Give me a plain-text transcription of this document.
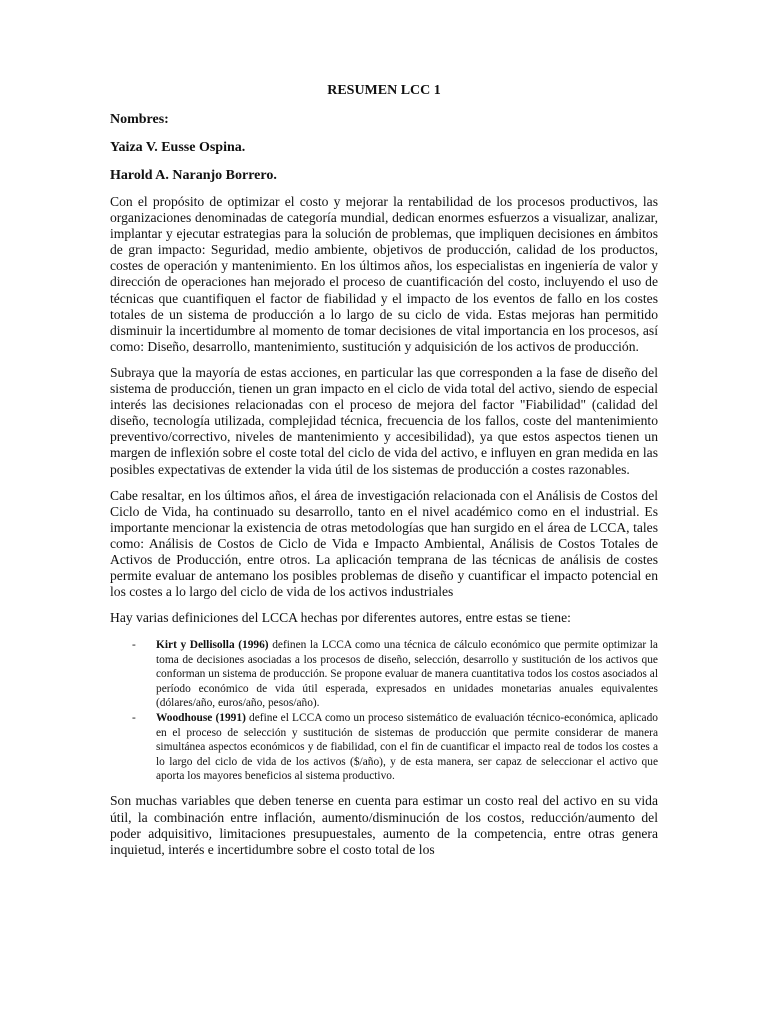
RESUMEN LCC 1
Nombres:
Yaiza V. Eusse Ospina.
Harold A. Naranjo Borrero.

Con el propósito de optimizar el costo y mejorar la rentabilidad de los procesos productivos, las organizaciones denominadas de categoría mundial, dedican enormes esfuerzos a visualizar, analizar, implantar y ejecutar estrategias para la solución de problemas, que impliquen decisiones en ámbitos de gran impacto: Seguridad, medio ambiente, objetivos de producción, calidad de los productos, costes de operación y mantenimiento. En los últimos años, los especialistas en ingeniería de valor y dirección de operaciones han mejorado el proceso de cuantificación del costo, incluyendo el uso de técnicas que cuantifiquen el factor de fiabilidad y el impacto de los eventos de fallo en los costes totales de un sistema de producción a lo largo de su ciclo de vida. Estas mejoras han permitido disminuir la incertidumbre al momento de tomar decisiones de vital importancia en los procesos, así como: Diseño, desarrollo, mantenimiento, sustitución y adquisición de los activos de producción.

Subraya que la mayoría de estas acciones, en particular las que corresponden a la fase de diseño del sistema de producción, tienen un gran impacto en el ciclo de vida total del activo, siendo de especial interés las decisiones relacionadas con el proceso de mejora del factor "Fiabilidad" (calidad del diseño, tecnología utilizada, complejidad técnica, frecuencia de los fallos, coste del mantenimiento preventivo/correctivo, niveles de mantenimiento y accesibilidad), ya que estos aspectos tienen un margen de inflexión sobre el coste total del ciclo de vida del activo, e influyen en gran medida en las posibles expectativas de extender la vida útil de los sistemas de producción a costes razonables.

Cabe resaltar, en los últimos años, el área de investigación relacionada con el Análisis de Costos del Ciclo de Vida, ha continuado su desarrollo, tanto en el nivel académico como en el industrial. Es importante mencionar la existencia de otras metodologías que han surgido en el área de LCCA, tales como: Análisis de Costos de Ciclo de Vida e Impacto Ambiental, Análisis de Costos Totales de Activos de Producción, entre otros. La aplicación temprana de las técnicas de análisis de costes permite evaluar de antemano los posibles problemas de diseño y cuantificar el impacto potencial en los costes a lo largo del ciclo de vida de los activos industriales

Hay varias definiciones del LCCA hechas por diferentes autores, entre estas se tiene:

- Kirt y Dellisolla (1996) definen la LCCA como una técnica de cálculo económico que permite optimizar la toma de decisiones asociadas a los procesos de diseño, selección, desarrollo y sustitución de los activos que conforman un sistema de producción. Se propone evaluar de manera cuantitativa todos los costos asociados al período económico de vida útil esperada, expresados en unidades monetarias anuales equivalentes (dólares/año, euros/año, pesos/año).
- Woodhouse (1991) define el LCCA como un proceso sistemático de evaluación técnico-económica, aplicado en el proceso de selección y sustitución de sistemas de producción que permite considerar de manera simultánea aspectos económicos y de fiabilidad, con el fin de cuantificar el impacto real de todos los costes a lo largo del ciclo de vida de los activos ($/año), y de esta manera, ser capaz de seleccionar el activo que aporta los mayores beneficios al sistema productivo.

Son muchas variables que deben tenerse en cuenta para estimar un costo real del activo en su vida útil, la combinación entre inflación, aumento/disminución de los costos, reducción/aumento del poder adquisitivo, limitaciones presupuestales, aumento de la competencia, entre otras genera inquietud, interés e incertidumbre sobre el costo total de los
